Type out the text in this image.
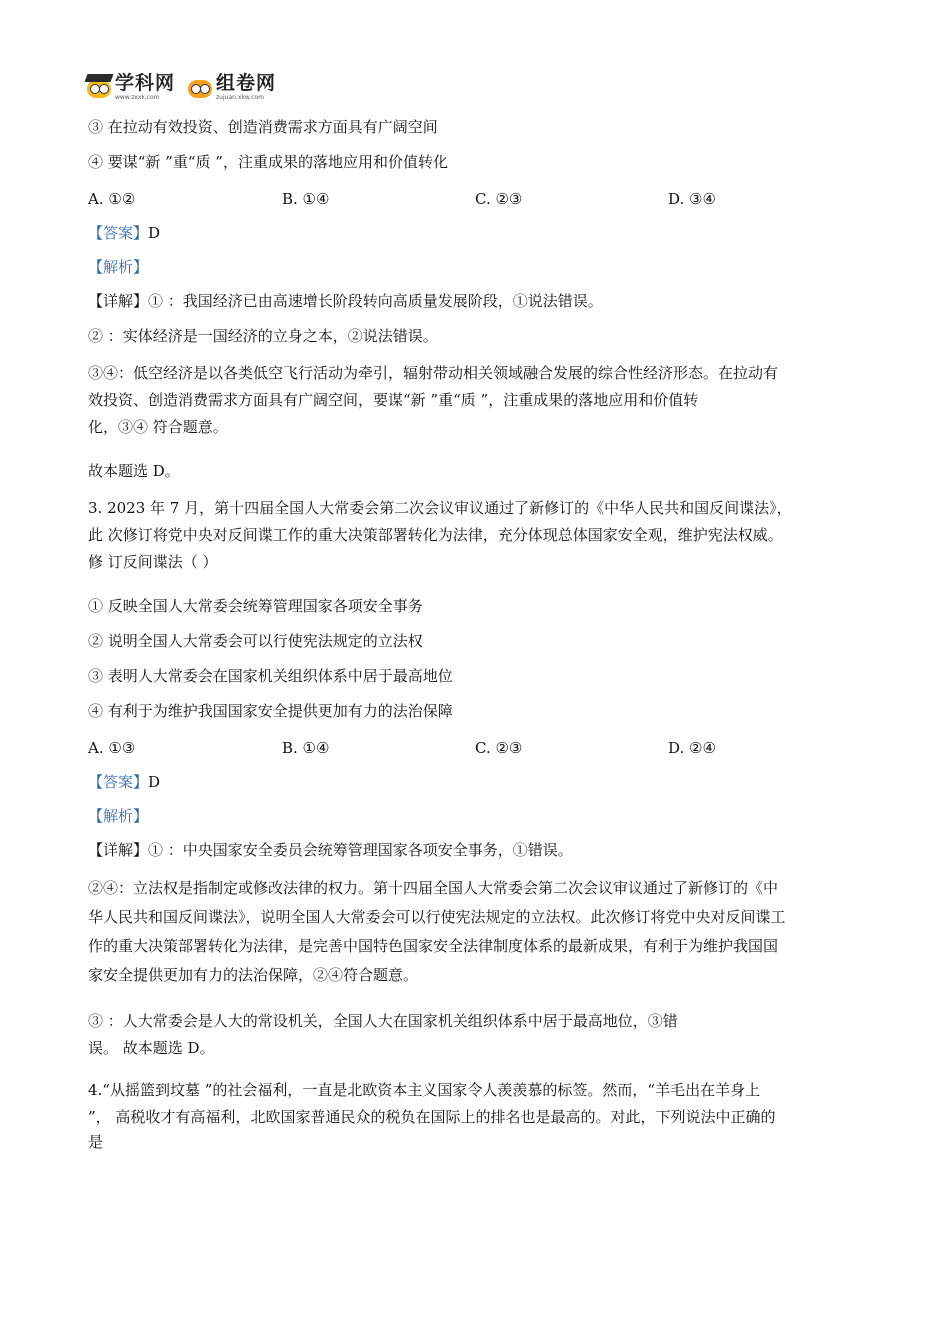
学科网
www.zxxk.com
组卷网
zujuan.xkw.com
③ 在拉动有效投资、创造消费需求方面具有广阔空间
④ 要谋“新 ”重“质 ”，注重成果的落地应用和价值转化
A. ①②	B. ①④	C. ②③	D. ③④
【答案】D
【解析】
【详解】① ：我国经济已由高速增长阶段转向高质量发展阶段，①说法错误。
② ：实体经济是一国经济的立身之本，②说法错误。
③④：低空经济是以各类低空飞行活动为牵引，辐射带动相关领域融合发展的综合性经济形态。在拉动有
效投资、创造消费需求方面具有广阔空间，要谋“新 ”重“质 ”，注重成果的落地应用和价值转
化，③④ 符合题意。
故本题选 D。
3. 2023 年 7 月，第十四届全国人大常委会第二次会议审议通过了新修订的《中华人民共和国反间谍法》，
此 次修订将党中央对反间谍工作的重大决策部署转化为法律，充分体现总体国家安全观，维护宪法权威。
修 订反间谍法（ ）
① 反映全国人大常委会统筹管理国家各项安全事务
② 说明全国人大常委会可以行使宪法规定的立法权
③ 表明人大常委会在国家机关组织体系中居于最高地位
④ 有利于为维护我国国家安全提供更加有力的法治保障
A. ①③	B. ①④	C. ②③	D. ②④
【答案】D
【解析】
【详解】① ：中央国家安全委员会统筹管理国家各项安全事务，①错误。
②④：立法权是指制定或修改法律的权力。第十四届全国人大常委会第二次会议审议通过了新修订的《中
华人民共和国反间谍法》，说明全国人大常委会可以行使宪法规定的立法权。此次修订将党中央对反间谍工
作的重大决策部署转化为法律，是完善中国特色国家安全法律制度体系的最新成果，有利于为维护我国国
家安全提供更加有力的法治保障，②④符合题意。
③ ：人大常委会是人大的常设机关，全国人大在国家机关组织体系中居于最高地位，③错
误。 故本题选 D。
4.“从摇篮到坟墓 ”的社会福利，一直是北欧资本主义国家令人羡羡慕的标签。然而，“羊毛出在羊身上
”， 高税收才有高福利，北欧国家普通民众的税负在国际上的排名也是最高的。对此，下列说法中正确的
是
